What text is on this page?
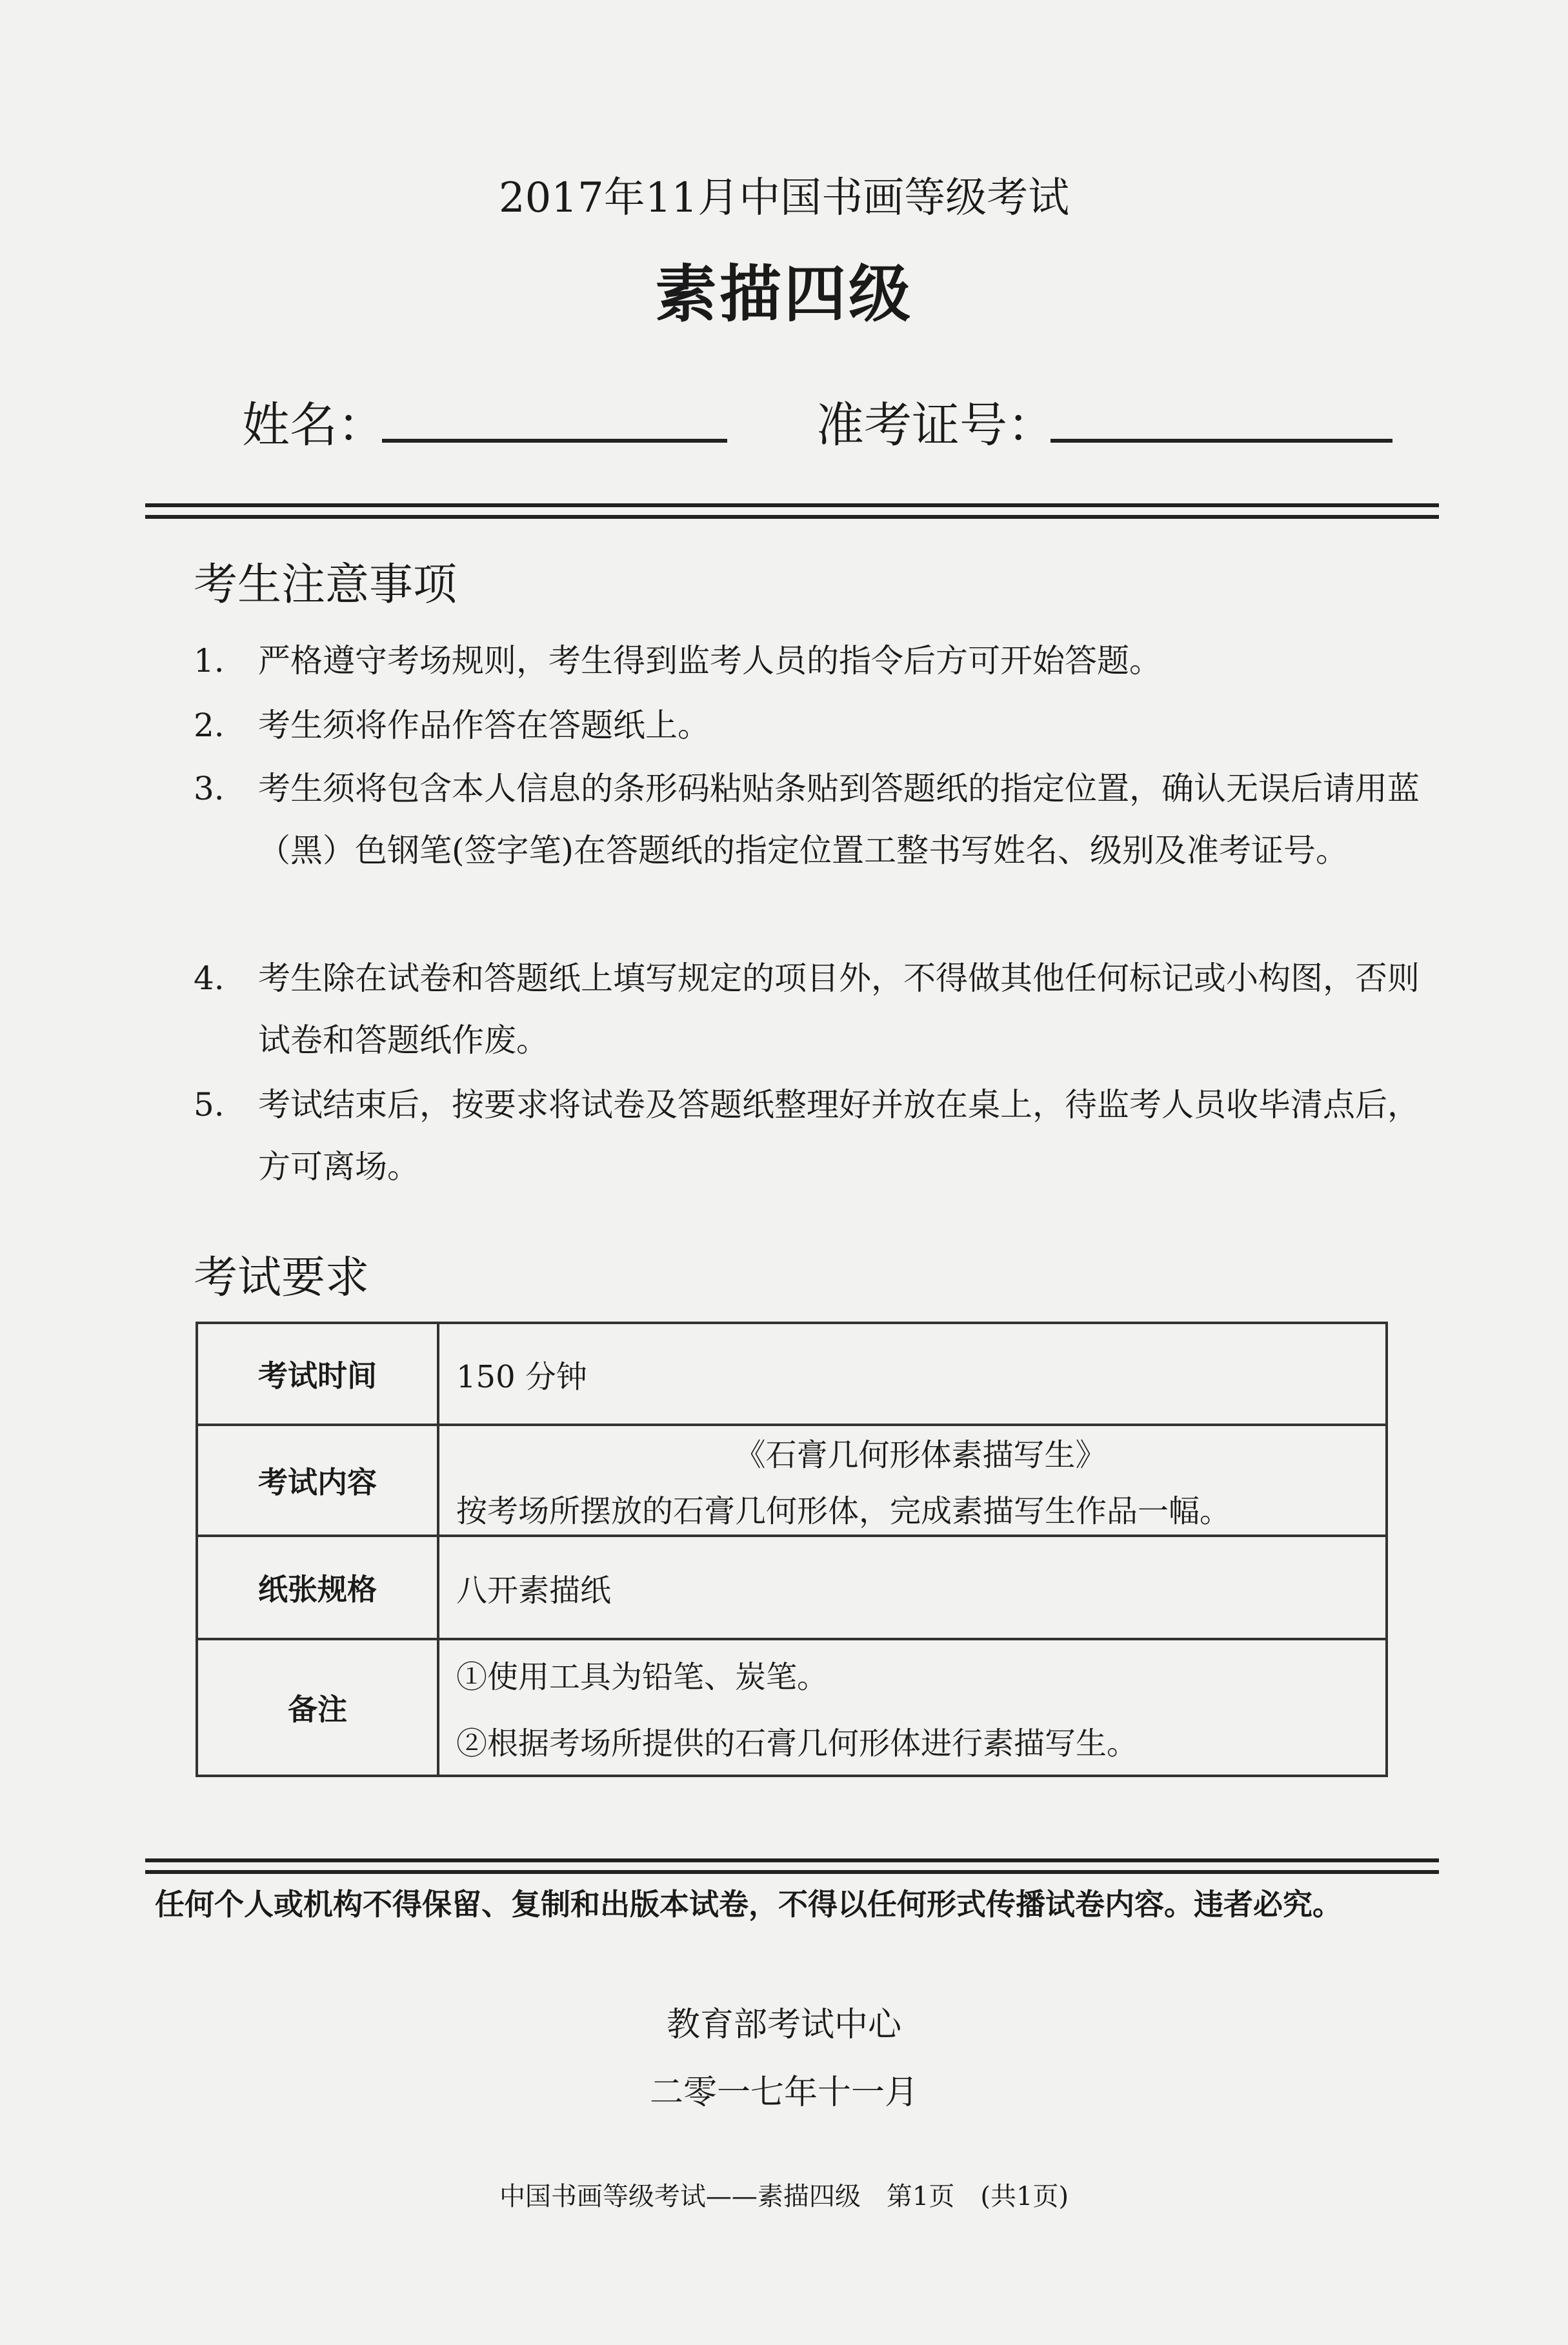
2017年11月中国书画等级考试
素描四级
姓名：	准考证号：
考生注意事项
1. 严格遵守考场规则，考生得到监考人员的指令后方可开始答题。
2. 考生须将作品作答在答题纸上。
3. 考生须将包含本人信息的条形码粘贴条贴到答题纸的指定位置，确认无误后请用蓝（黑）色钢笔(签字笔)在答题纸的指定位置工整书写姓名、级别及准考证号。
4. 考生除在试卷和答题纸上填写规定的项目外，不得做其他任何标记或小构图，否则试卷和答题纸作废。
5. 考试结束后，按要求将试卷及答题纸整理好并放在桌上，待监考人员收毕清点后，方可离场。
考试要求
考试时间	150 分钟
考试内容	《石膏几何形体素描写生》
按考场所摆放的石膏几何形体，完成素描写生作品一幅。

纸张规格	八开素描纸
备注	①使用工具为铅笔、炭笔。
②根据考场所提供的石膏几何形体进行素描写生。
任何个人或机构不得保留、复制和出版本试卷，不得以任何形式传播试卷内容。违者必究。
教育部考试中心
二零一七年十一月
中国书画等级考试——素描四级　第1页　(共1页)
